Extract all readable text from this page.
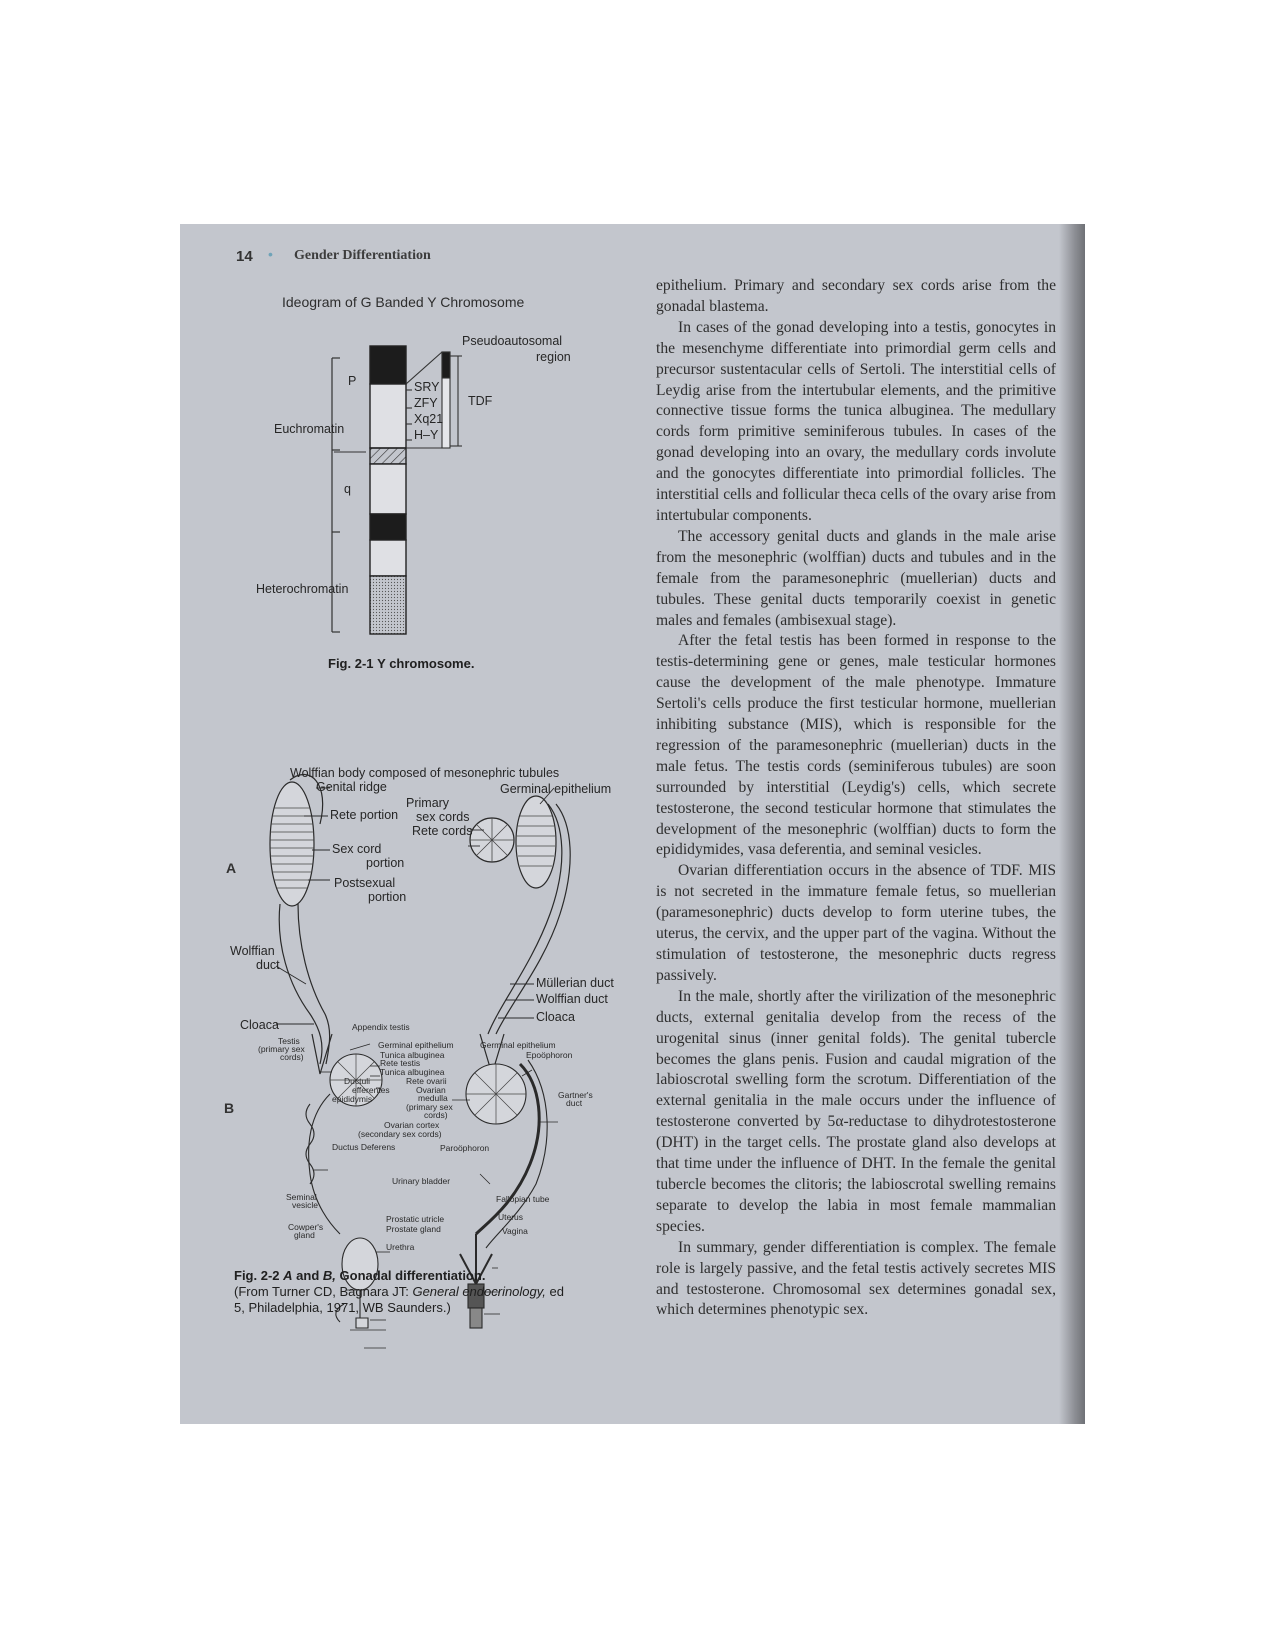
14 • Gender Differentiation
Ideogram of G Banded Y Chromosome
P
Euchromatin
q
Heterochromatin
Pseudoautosomal
region
TDF
SRY
ZFY
Xq21
H–Y
Fig. 2-1 Y chromosome.
A
Wolffian body composed of mesonephric tubules
Genital ridge	Germinal epithelium
Primary
Rete portion sex cords
Rete cords
Sex cord
portion
Postsexual
portion
Wolffian
duct
Cloaca
Müllerian duct
Wolffian duct
Cloaca
B
Appendix testis
Testis
(primary sex
cords)
Germinal epithelium	Germinal epithelium
Tunica albuginea	Epoöphoron
Rete testis
Tunica albuginea
Ductuli	Rete ovarii
efferentes	Ovarian
epididymis	medulla	Gartner's
duct
(primary sex
cords)
Ovarian cortex
(secondary sex cords)
Ductus Deferens	Paroöphoron
Urinary bladder
Seminal
vesicle
Fallopian tube
Prostatic utricle	Uterus
Cowper's	Prostate gland	Vagina
gland
Urethra
Fig. 2-2 A and B, Gonadal differentiation.
(From Turner CD, Bagnara JT: General endocrinology, ed
5, Philadelphia, 1971, WB Saunders.)

epithelium. Primary and secondary sex cords arise from the gonadal blastema.

In cases of the gonad developing into a testis, gonocytes in the mesenchyme differentiate into primordial germ cells and precursor sustentacular cells of Sertoli. The interstitial cells of Leydig arise from the intertubular elements, and the primitive connective tissue forms the tunica albuginea. The medullary cords form primitive seminiferous tubules. In cases of the gonad developing into an ovary, the medullary cords involute and the gonocytes differentiate into primordial follicles. The interstitial cells and follicular theca cells of the ovary arise from intertubular components.

The accessory genital ducts and glands in the male arise from the mesonephric (wolffian) ducts and tubules and in the female from the paramesonephric (muellerian) ducts and tubules. These genital ducts temporarily coexist in genetic males and females (ambisexual stage).

After the fetal testis has been formed in response to the testis-determining gene or genes, male testicular hormones cause the development of the male phenotype. Immature Sertoli's cells produce the first testicular hormone, muellerian inhibiting substance (MIS), which is responsible for the regression of the paramesonephric (muellerian) ducts in the male fetus. The testis cords (seminiferous tubules) are soon surrounded by interstitial (Leydig's) cells, which secrete testosterone, the second testicular hormone that stimulates the development of the mesonephric (wolffian) ducts to form the epididymides, vasa deferentia, and seminal vesicles.

Ovarian differentiation occurs in the absence of TDF. MIS is not secreted in the immature female fetus, so muellerian (paramesonephric) ducts develop to form uterine tubes, the uterus, the cervix, and the upper part of the vagina. Without the stimulation of testosterone, the mesonephric ducts regress passively.

In the male, shortly after the virilization of the mesonephric ducts, external genitalia develop from the recess of the urogenital sinus (inner genital folds). The genital tubercle becomes the glans penis. Fusion and caudal migration of the labioscrotal swelling form the scrotum. Differentiation of the external genitalia in the male occurs under the influence of testosterone converted by 5α-reductase to dihydrotestosterone (DHT) in the target cells. The prostate gland also develops at that time under the influence of DHT. In the female the genital tubercle becomes the clitoris; the labioscrotal swelling remains separate to develop the labia in most female mammalian species.

In summary, gender differentiation is complex. The female role is largely passive, and the fetal testis actively secretes MIS and testosterone. Chromosomal sex determines gonadal sex, which determines phenotypic sex.
